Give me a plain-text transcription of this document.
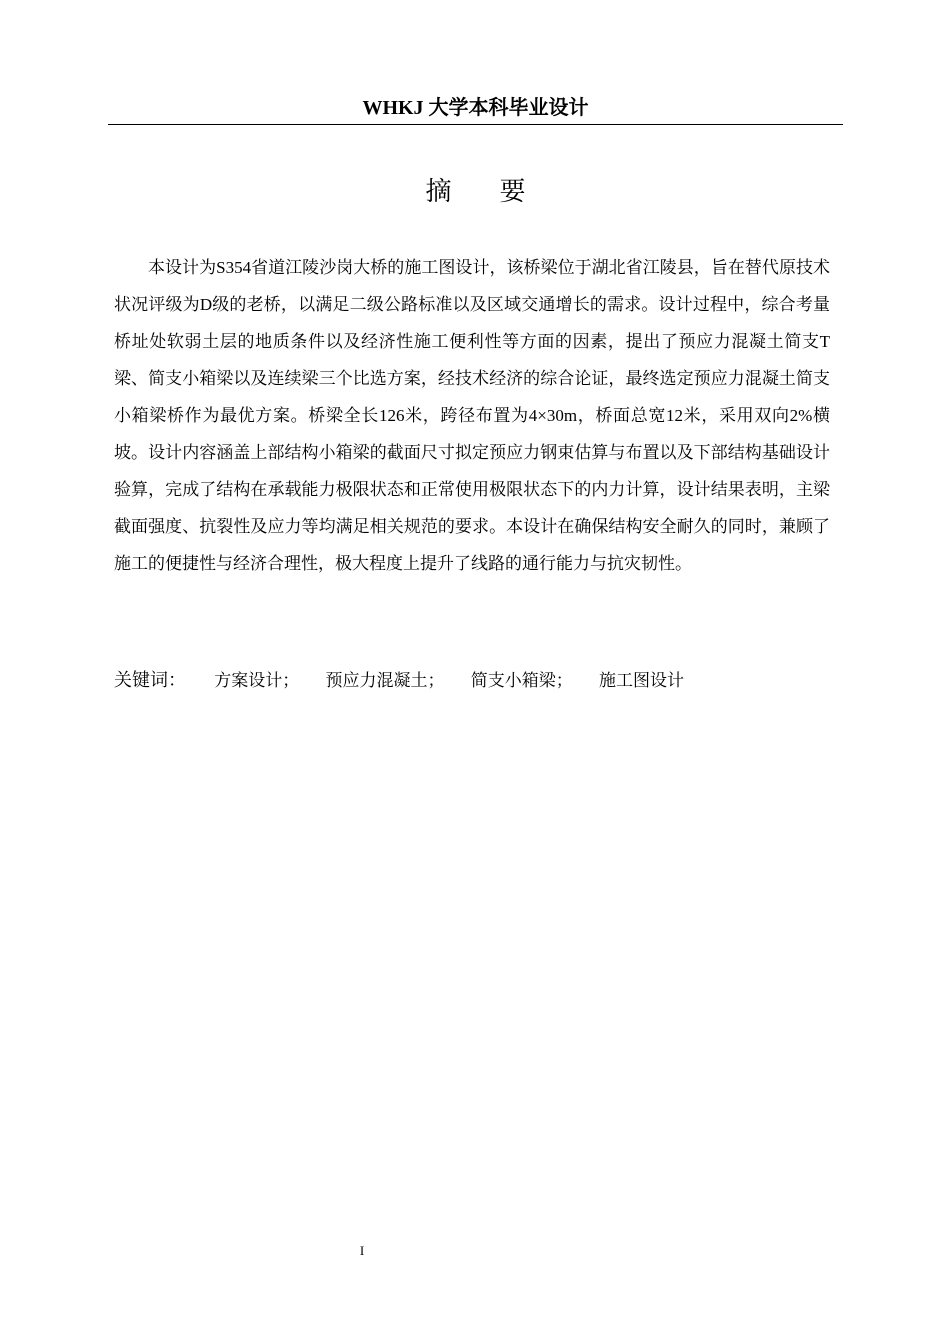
WHKJ 大学本科毕业设计
摘要

本设计为S354省道江陵沙岗大桥的施工图设计，该桥梁位于湖北省江陵县，旨在替代原技术状况评级为D级的老桥，以满足二级公路标准以及区域交通增长的需求。设计过程中，综合考量桥址处软弱土层的地质条件以及经济性施工便利性等方面的因素，提出了预应力混凝土简支T梁、简支小箱梁以及连续梁三个比选方案，经技术经济的综合论证，最终选定预应力混凝土简支小箱梁桥作为最优方案。桥梁全长126米，跨径布置为4×30m，桥面总宽12米，采用双向2%横坡。设计内容涵盖上部结构小箱梁的截面尺寸拟定预应力钢束估算与布置以及下部结构基础设计验算，完成了结构在承载能力极限状态和正常使用极限状态下的内力计算，设计结果表明，主梁截面强度、抗裂性及应力等均满足相关规范的要求。本设计在确保结构安全耐久的同时，兼顾了施工的便捷性与经济合理性，极大程度上提升了线路的通行能力与抗灾韧性。

关键词： 方案设计； 预应力混凝土； 简支小箱梁； 施工图设计
I
